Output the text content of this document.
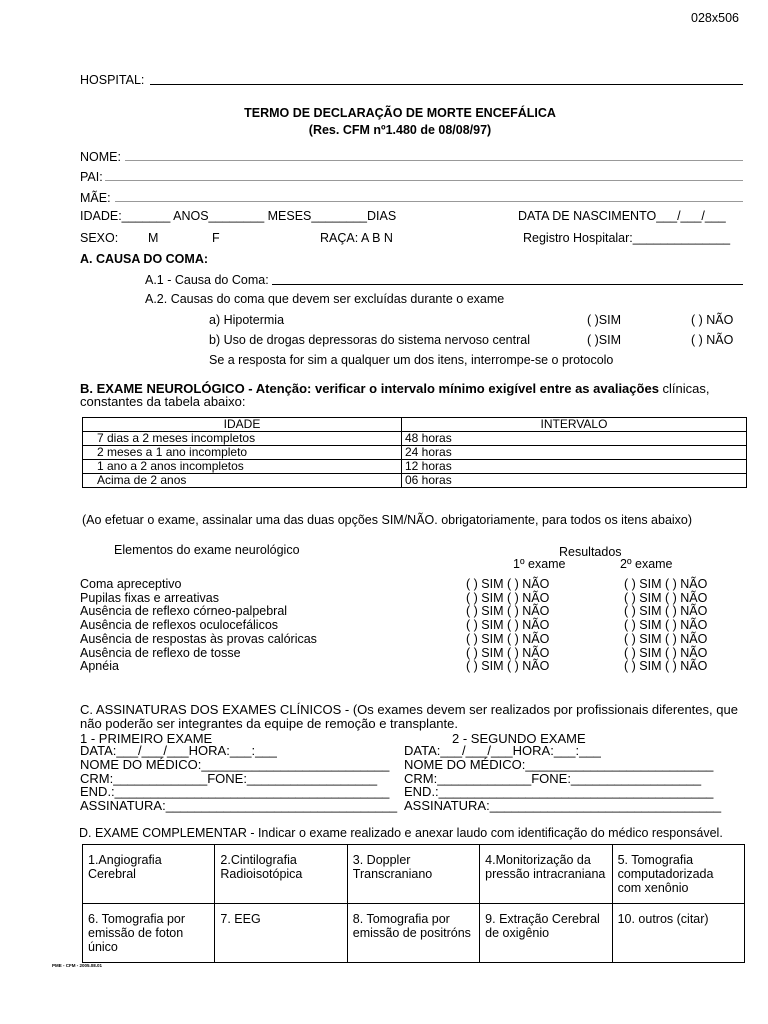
028x506
HOSPITAL:
TERMO DE DECLARAÇÃO DE MORTE ENCEFÁLICA
(Res. CFM nº1.480 de 08/08/97)
NOME:
PAI:
MÃE:
IDADE:_______ ANOS________ MESES________DIAS	DATA DE NASCIMENTO___/___/___
SEXO: M	F	RAÇA: A B N	Registro Hospitalar:______________
A. CAUSA DO COMA:
A.1 - Causa do Coma:
A.2. Causas do coma que devem ser excluídas durante o exame
a) Hipotermia	( )SIM	( ) NÃO
b) Uso de drogas depressoras do sistema nervoso central	( )SIM	( ) NÃO
Se a resposta for sim a qualquer um dos itens, interrompe-se o protocolo
B. EXAME NEUROLÓGICO - Atenção: verificar o intervalo mínimo exigível entre as avaliações clínicas,
constantes da tabela abaixo:
IDADE	INTERVALO
7 dias a 2 meses incompletos	48 horas
2 meses a 1 ano incompleto	24 horas
1 ano a 2 anos incompletos	12 horas
Acima de 2 anos	06 horas
(Ao efetuar o exame, assinalar uma das duas opções SIM/NÃO. obrigatoriamente, para todos os itens abaixo)
Elementos do exame neurológico	Resultados
1º exame	2º exame
Coma apreceptivo	( ) SIM ( ) NÃO	( ) SIM ( ) NÃO
Pupilas fixas e arreativas	( ) SIM ( ) NÃO	( ) SIM ( ) NÃO
Ausência de reflexo córneo-palpebral	( ) SIM ( ) NÃO	( ) SIM ( ) NÃO
Ausência de reflexos oculocefálicos	( ) SIM ( ) NÃO	( ) SIM ( ) NÃO
Ausência de respostas às provas calóricas	( ) SIM ( ) NÃO	( ) SIM ( ) NÃO
Ausência de reflexo de tosse	( ) SIM ( ) NÃO	( ) SIM ( ) NÃO
Apnéia	( ) SIM ( ) NÃO	( ) SIM ( ) NÃO
C. ASSINATURAS DOS EXAMES CLÍNICOS - (Os exames devem ser realizados por profissionais diferentes, que
não poderão ser integrantes da equipe de remoção e transplante.
1 - PRIMEIRO EXAME
DATA:___/___/___HORA:___:___
NOME DO MÉDICO:__________________________
CRM:_____________FONE:__________________
END.:______________________________________
ASSINATURA:________________________________
2 - SEGUNDO EXAME
DATA:___/___/___HORA:___:___
NOME DO MÉDICO:__________________________
CRM:_____________FONE:__________________
END.:______________________________________
ASSINATURA:________________________________
D. EXAME COMPLEMENTAR - Indicar o exame realizado e anexar laudo com identificação do médico responsável.
1.Angiografia Cerebral	2.Cintilografia Radioisotópica	3. Doppler Transcraniano	4.Monitorização da pressão intracraniana	5. Tomografia computadorizada com xenônio
6. Tomografia por emissão de foton único	7. EEG	8. Tomografia por emissão de positróns	9. Extração Cerebral de oxigênio	10. outros (citar)
PME - CFM - 2005.08.01
